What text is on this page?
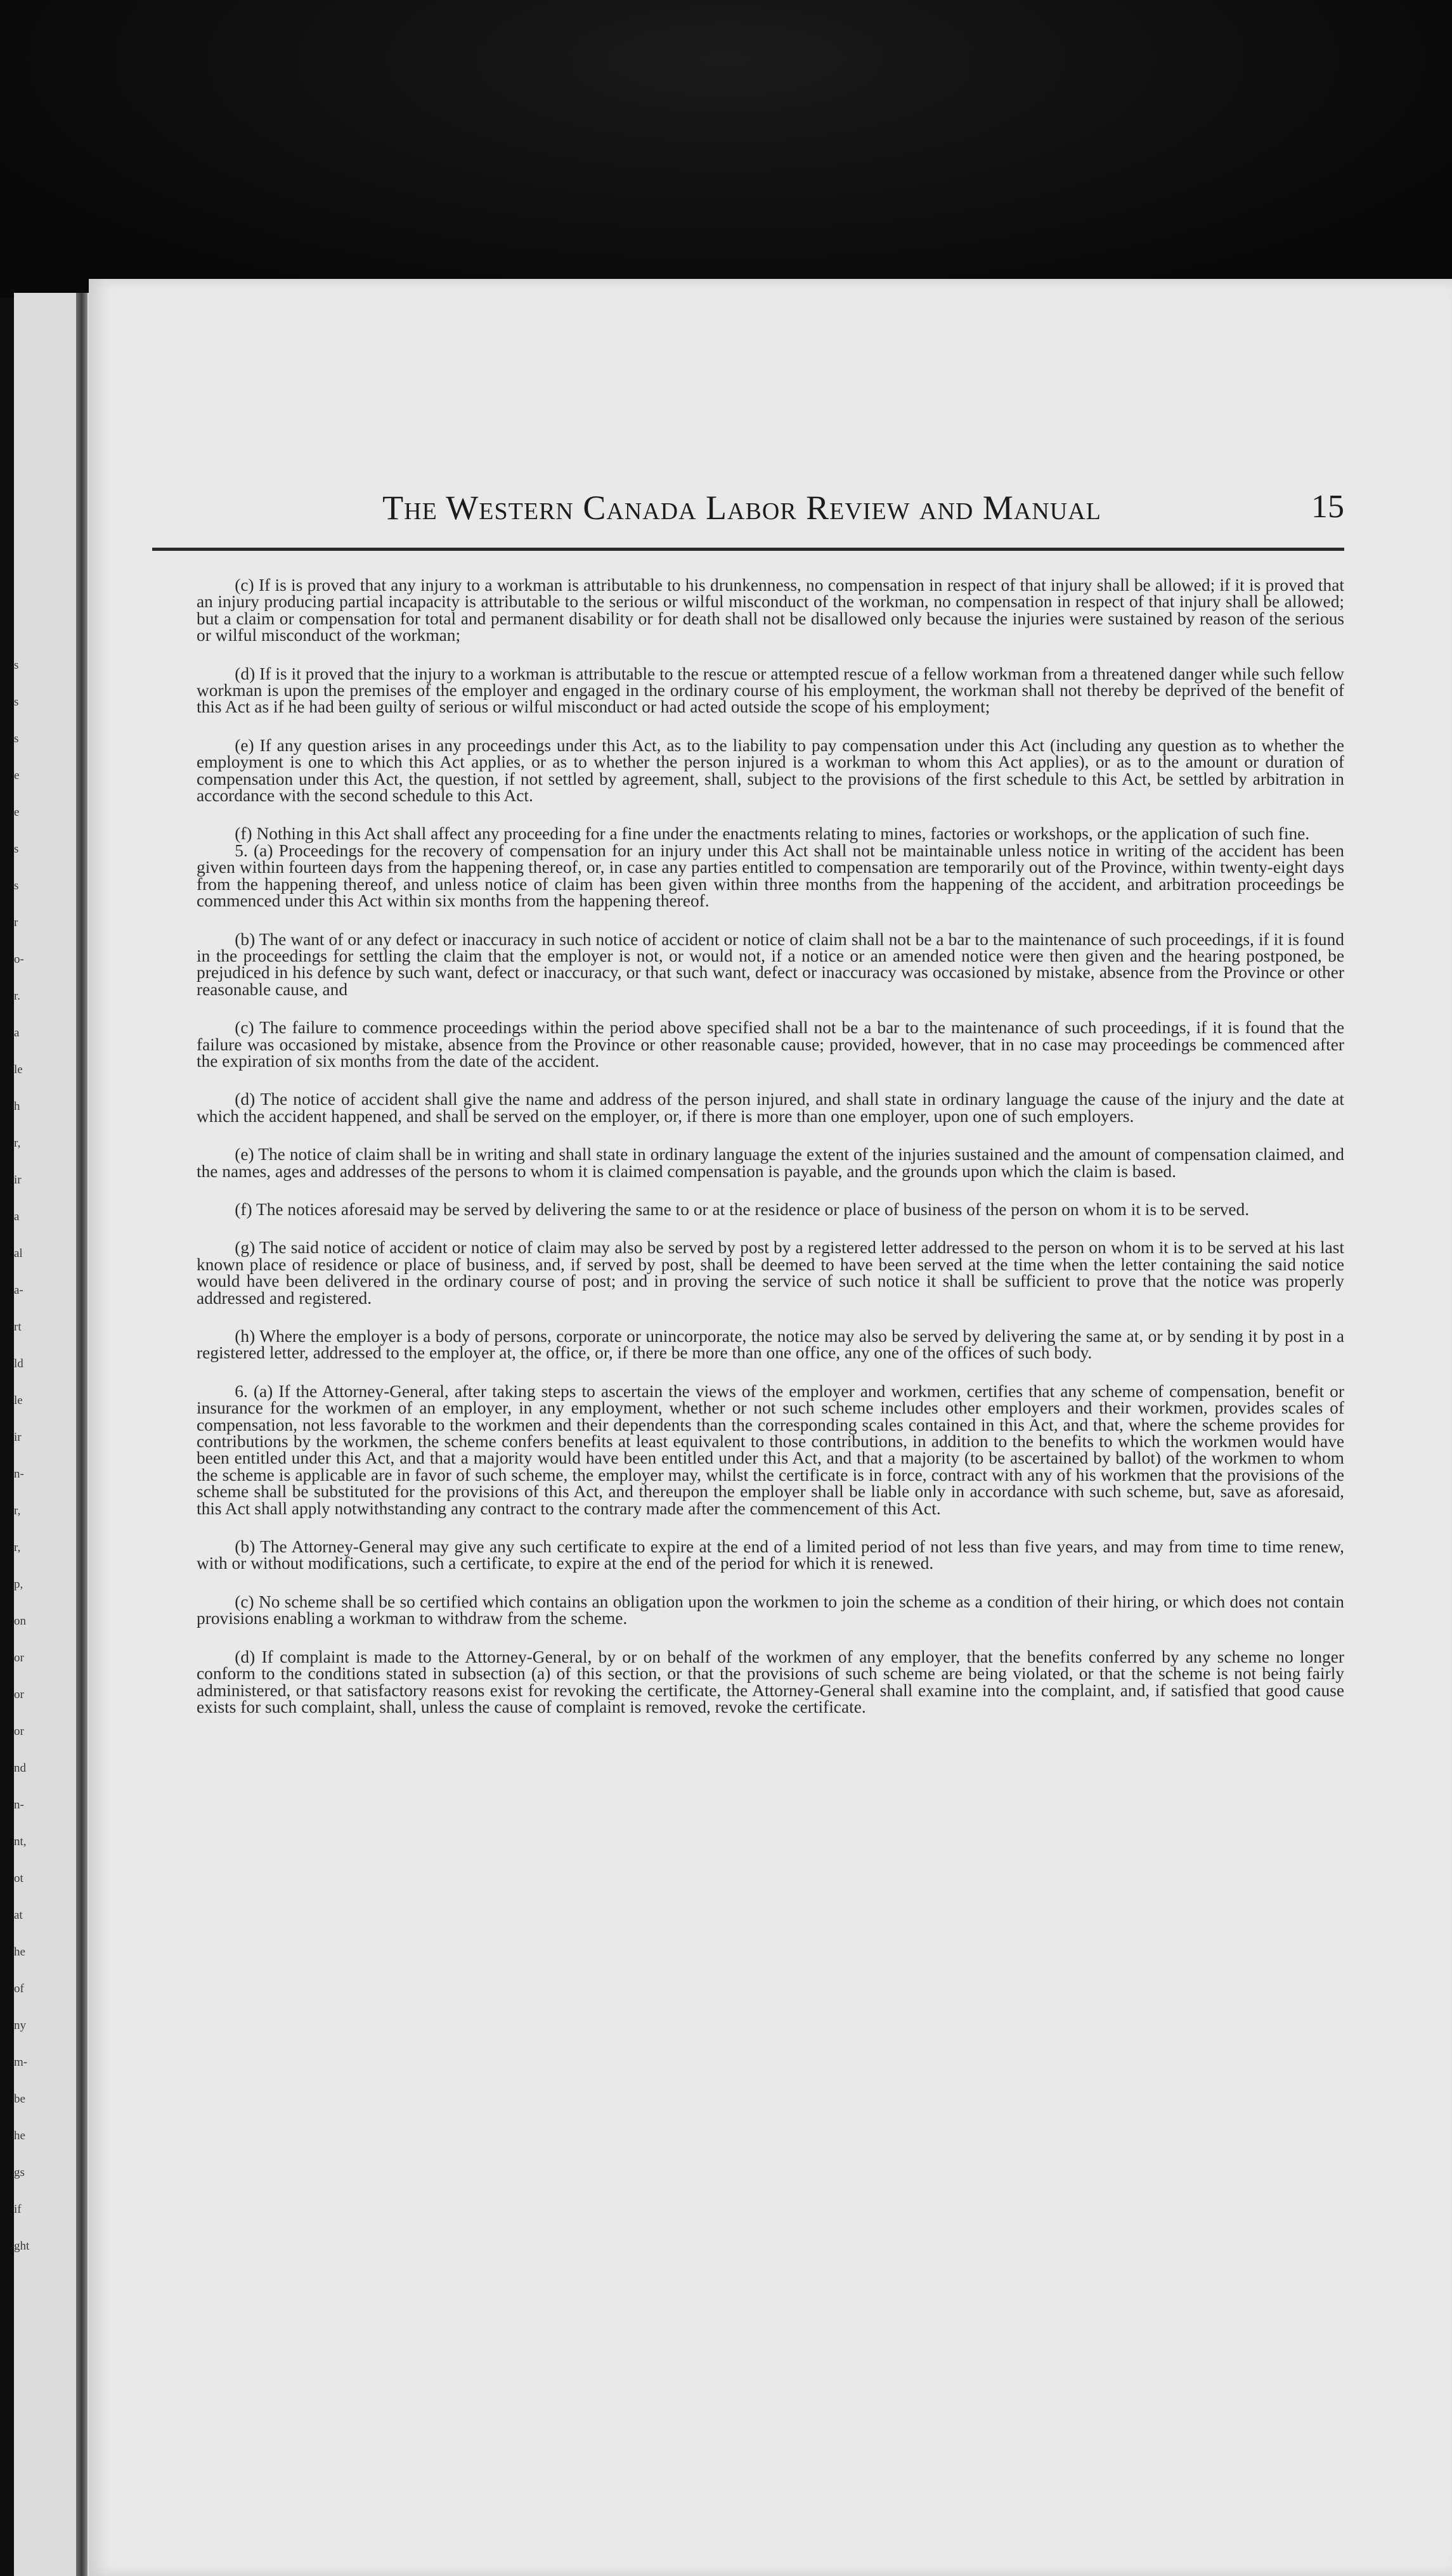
s
s
s
e
e
s
s
r
o-
r.
a
le
h
r,
ir
a
al
a-
rt
ld
le
ir
n-
r,
r,
p,
on
or
or
or
nd
n-
nt,
ot
at
he
of
ny
m-
be
he
gs
if
ght
The Western Canada Labor Review and Manual	15

(c) If is is proved that any injury to a workman is attributable to his drunkenness, no compensation in respect of that injury shall be allowed; if it is proved that an injury producing partial incapacity is attributable to the serious or wilful misconduct of the workman, no compensation in respect of that injury shall be allowed; but a claim or compensation for total and permanent disability or for death shall not be disallowed only because the injuries were sustained by reason of the serious or wilful misconduct of the workman;

(d) If is it proved that the injury to a workman is attributable to the rescue or attempted rescue of a fellow workman from a threatened danger while such fellow workman is upon the premises of the employer and engaged in the ordinary course of his employment, the workman shall not thereby be deprived of the benefit of this Act as if he had been guilty of serious or wilful misconduct or had acted outside the scope of his employment;

(e) If any question arises in any proceedings under this Act, as to the liability to pay compensation under this Act (including any question as to whether the employment is one to which this Act applies, or as to whether the person injured is a workman to whom this Act applies), or as to the amount or duration of compensation under this Act, the question, if not settled by agreement, shall, subject to the provisions of the first schedule to this Act, be settled by arbitration in accordance with the second schedule to this Act.

(f) Nothing in this Act shall affect any proceeding for a fine under the enactments relating to mines, factories or workshops, or the application of such fine.

5. (a) Proceedings for the recovery of compensation for an injury under this Act shall not be maintainable unless notice in writing of the accident has been given within fourteen days from the happening thereof, or, in case any parties entitled to compensation are temporarily out of the Province, within twenty-eight days from the happening thereof, and unless notice of claim has been given within three months from the happening of the accident, and arbitration proceedings be commenced under this Act within six months from the happening thereof.

(b) The want of or any defect or inaccuracy in such notice of accident or notice of claim shall not be a bar to the maintenance of such proceedings, if it is found in the proceedings for settling the claim that the employer is not, or would not, if a notice or an amended notice were then given and the hearing postponed, be prejudiced in his defence by such want, defect or inaccuracy, or that such want, defect or inaccuracy was occasioned by mistake, absence from the Province or other reasonable cause, and

(c) The failure to commence proceedings within the period above specified shall not be a bar to the maintenance of such proceedings, if it is found that the failure was occasioned by mistake, absence from the Province or other reasonable cause; provided, however, that in no case may proceedings be commenced after the expiration of six months from the date of the accident.

(d) The notice of accident shall give the name and address of the person injured, and shall state in ordinary language the cause of the injury and the date at which the accident happened, and shall be served on the employer, or, if there is more than one employer, upon one of such employers.

(e) The notice of claim shall be in writing and shall state in ordinary language the extent of the injuries sustained and the amount of compensation claimed, and the names, ages and addresses of the persons to whom it is claimed compensation is payable, and the grounds upon which the claim is based.

(f) The notices aforesaid may be served by delivering the same to or at the residence or place of business of the person on whom it is to be served.

(g) The said notice of accident or notice of claim may also be served by post by a registered letter addressed to the person on whom it is to be served at his last known place of residence or place of business, and, if served by post, shall be deemed to have been served at the time when the letter containing the said notice would have been delivered in the ordinary course of post; and in proving the service of such notice it shall be sufficient to prove that the notice was properly addressed and registered.

(h) Where the employer is a body of persons, corporate or unincorporate, the notice may also be served by delivering the same at, or by sending it by post in a registered letter, addressed to the employer at, the office, or, if there be more than one office, any one of the offices of such body.

6. (a) If the Attorney-General, after taking steps to ascertain the views of the employer and workmen, certifies that any scheme of compensation, benefit or insurance for the workmen of an employer, in any employment, whether or not such scheme includes other employers and their workmen, provides scales of compensation, not less favorable to the workmen and their dependents than the corresponding scales contained in this Act, and that, where the scheme provides for contributions by the workmen, the scheme confers benefits at least equivalent to those contributions, in addition to the benefits to which the workmen would have been entitled under this Act, and that a majority would have been entitled under this Act, and that a majority (to be ascertained by ballot) of the workmen to whom the scheme is applicable are in favor of such scheme, the employer may, whilst the certificate is in force, contract with any of his workmen that the provisions of the scheme shall be substituted for the provisions of this Act, and thereupon the employer shall be liable only in accordance with such scheme, but, save as aforesaid, this Act shall apply notwithstanding any contract to the contrary made after the commencement of this Act.

(b) The Attorney-General may give any such certificate to expire at the end of a limited period of not less than five years, and may from time to time renew, with or without modifications, such a certificate, to expire at the end of the period for which it is renewed.

(c) No scheme shall be so certified which contains an obligation upon the workmen to join the scheme as a condition of their hiring, or which does not contain provisions enabling a workman to withdraw from the scheme.

(d) If complaint is made to the Attorney-General, by or on behalf of the workmen of any employer, that the benefits conferred by any scheme no longer conform to the conditions stated in subsection (a) of this section, or that the provisions of such scheme are being violated, or that the scheme is not being fairly administered, or that satisfactory reasons exist for revoking the certificate, the Attorney-General shall examine into the complaint, and, if satisfied that good cause exists for such complaint, shall, unless the cause of complaint is removed, revoke the certificate.
